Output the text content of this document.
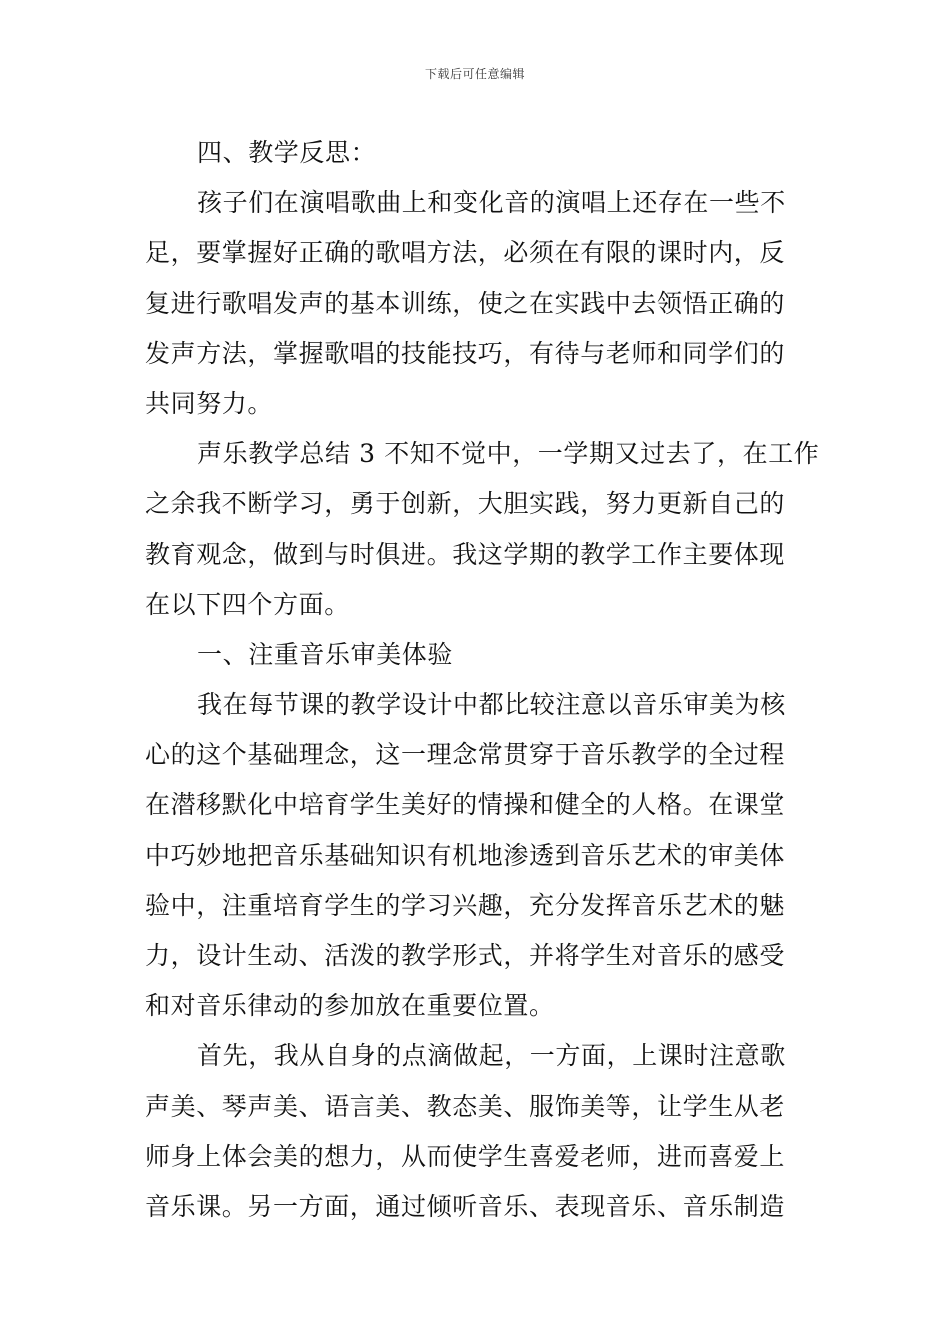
下载后可任意编辑
四、教学反思：
孩子们在演唱歌曲上和变化音的演唱上还存在一些不
足，要掌握好正确的歌唱方法，必须在有限的课时内，反
复进行歌唱发声的基本训练，使之在实践中去领悟正确的
发声方法，掌握歌唱的技能技巧，有待与老师和同学们的
共同努力。
声乐教学总结 3 不知不觉中，一学期又过去了，在工作
之余我不断学习，勇于创新，大胆实践，努力更新自己的
教育观念，做到与时俱进。我这学期的教学工作主要体现
在以下四个方面。
一、注重音乐审美体验
我在每节课的教学设计中都比较注意以音乐审美为核
心的这个基础理念，这一理念常贯穿于音乐教学的全过程
在潜移默化中培育学生美好的情操和健全的人格。在课堂
中巧妙地把音乐基础知识有机地渗透到音乐艺术的审美体
验中，注重培育学生的学习兴趣，充分发挥音乐艺术的魅
力，设计生动、活泼的教学形式，并将学生对音乐的感受
和对音乐律动的参加放在重要位置。
首先，我从自身的点滴做起，一方面，上课时注意歌
声美、琴声美、语言美、教态美、服饰美等，让学生从老
师身上体会美的想力，从而使学生喜爱老师，进而喜爱上
音乐课。另一方面，通过倾听音乐、表现音乐、音乐制造
